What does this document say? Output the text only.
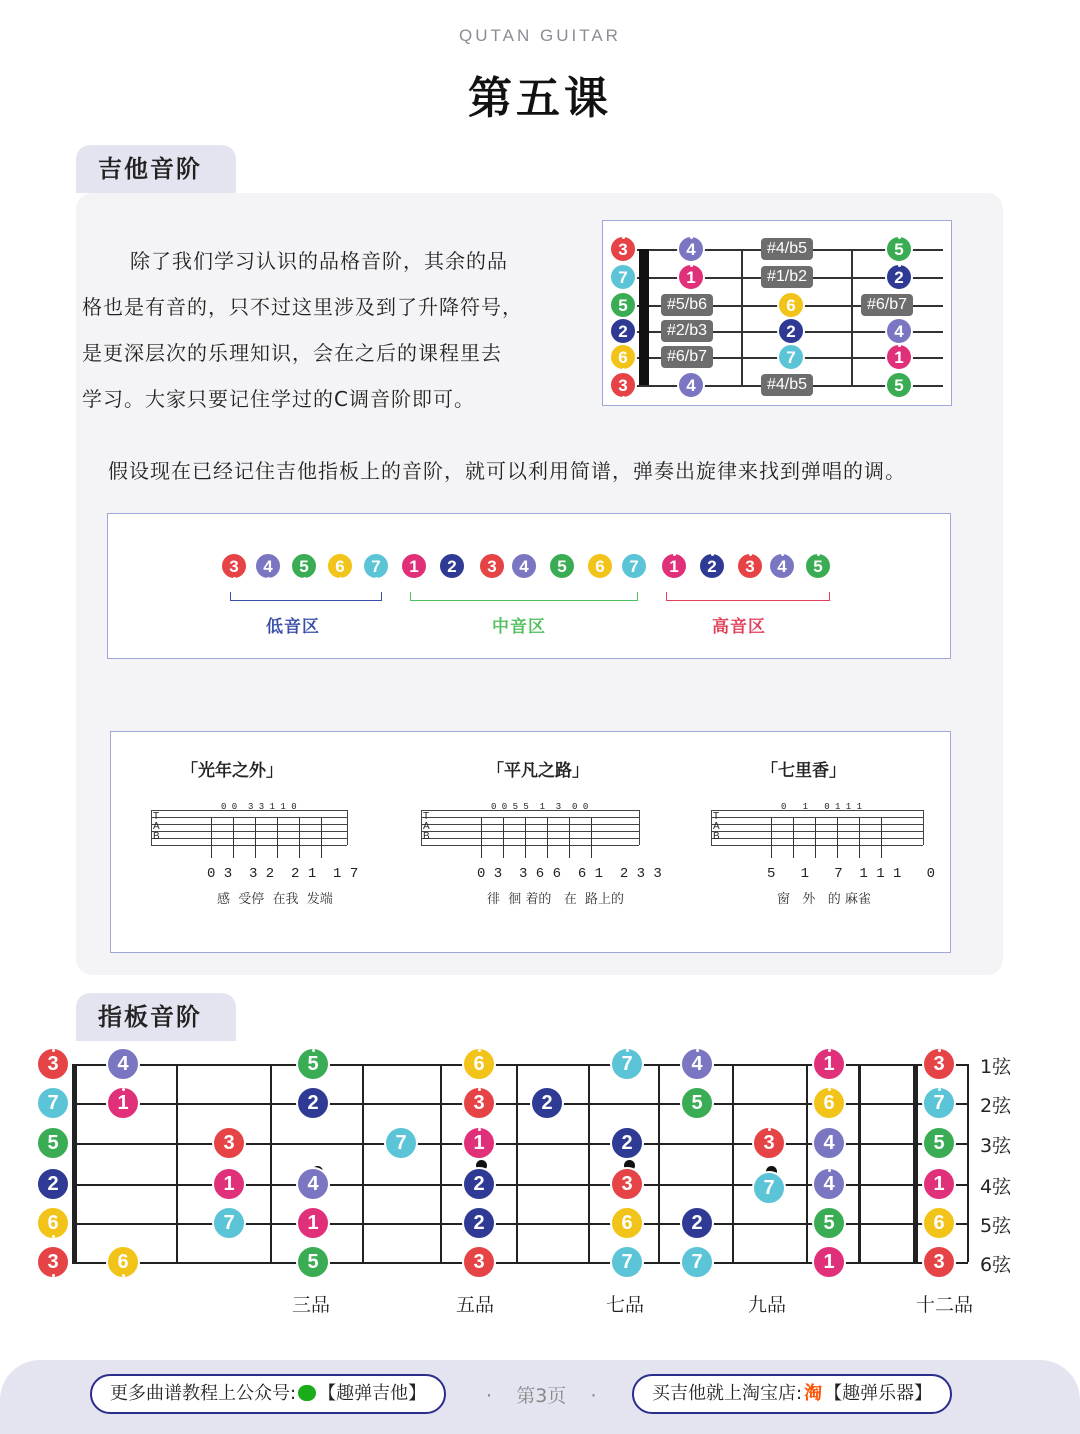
QUTAN GUITAR
第五课
吉他音阶
除了我们学习认识的品格音阶，其余的品
格也是有音的，只不过这里涉及到了升降符号，
是更深层次的乐理知识，会在之后的课程里去
学习。大家只要记住学过的C调音阶即可。
3
7
5
2
6
3
4
1
4
6
2
7
5
2
4
1
5
#4/b5
#1/b2
#5/b6
#2/b3
#6/b7
#4/b5
#6/b7
假设现在已经记住吉他指板上的音阶，就可以利用简谱，弹奏出旋律来找到弹唱的调。
3 4 5 6 7 1 2 3 4 5 6 7 1 2 3 4 5
低音区	中音区	高音区
「光年之外」
T
A
B
0 0  3 3 1 1 0
0 3  3 2  2 1  1 7
感  受停  在我  发端
「平凡之路」
T
A
B
0 0 5 5  1  3  0 0
0 3  3 6 6  6 1  2 3 3
徘  徊 着的   在  路上的
「七里香」
T
A
B
0   1   0 1 1 1
5   1   7  1 1 1   0
窗   外   的 麻雀
指板音阶
3
7
5
2
6
3
4
1
6
3
1
7
5
2
4
1
5
7
6
3
1
2
2
3
2
7
2
3
6
7
4
5
2
7
3
7
1
6
4
4
5
1
3
7
5
1
6
3
1弦
2弦
3弦
4弦
5弦
6弦
三品	五品	七品	九品	十二品
更多曲谱教程上公众号: 【趣弹吉他】	·    第3页    ·	买吉他就上淘宝店: 淘 【趣弹乐器】
